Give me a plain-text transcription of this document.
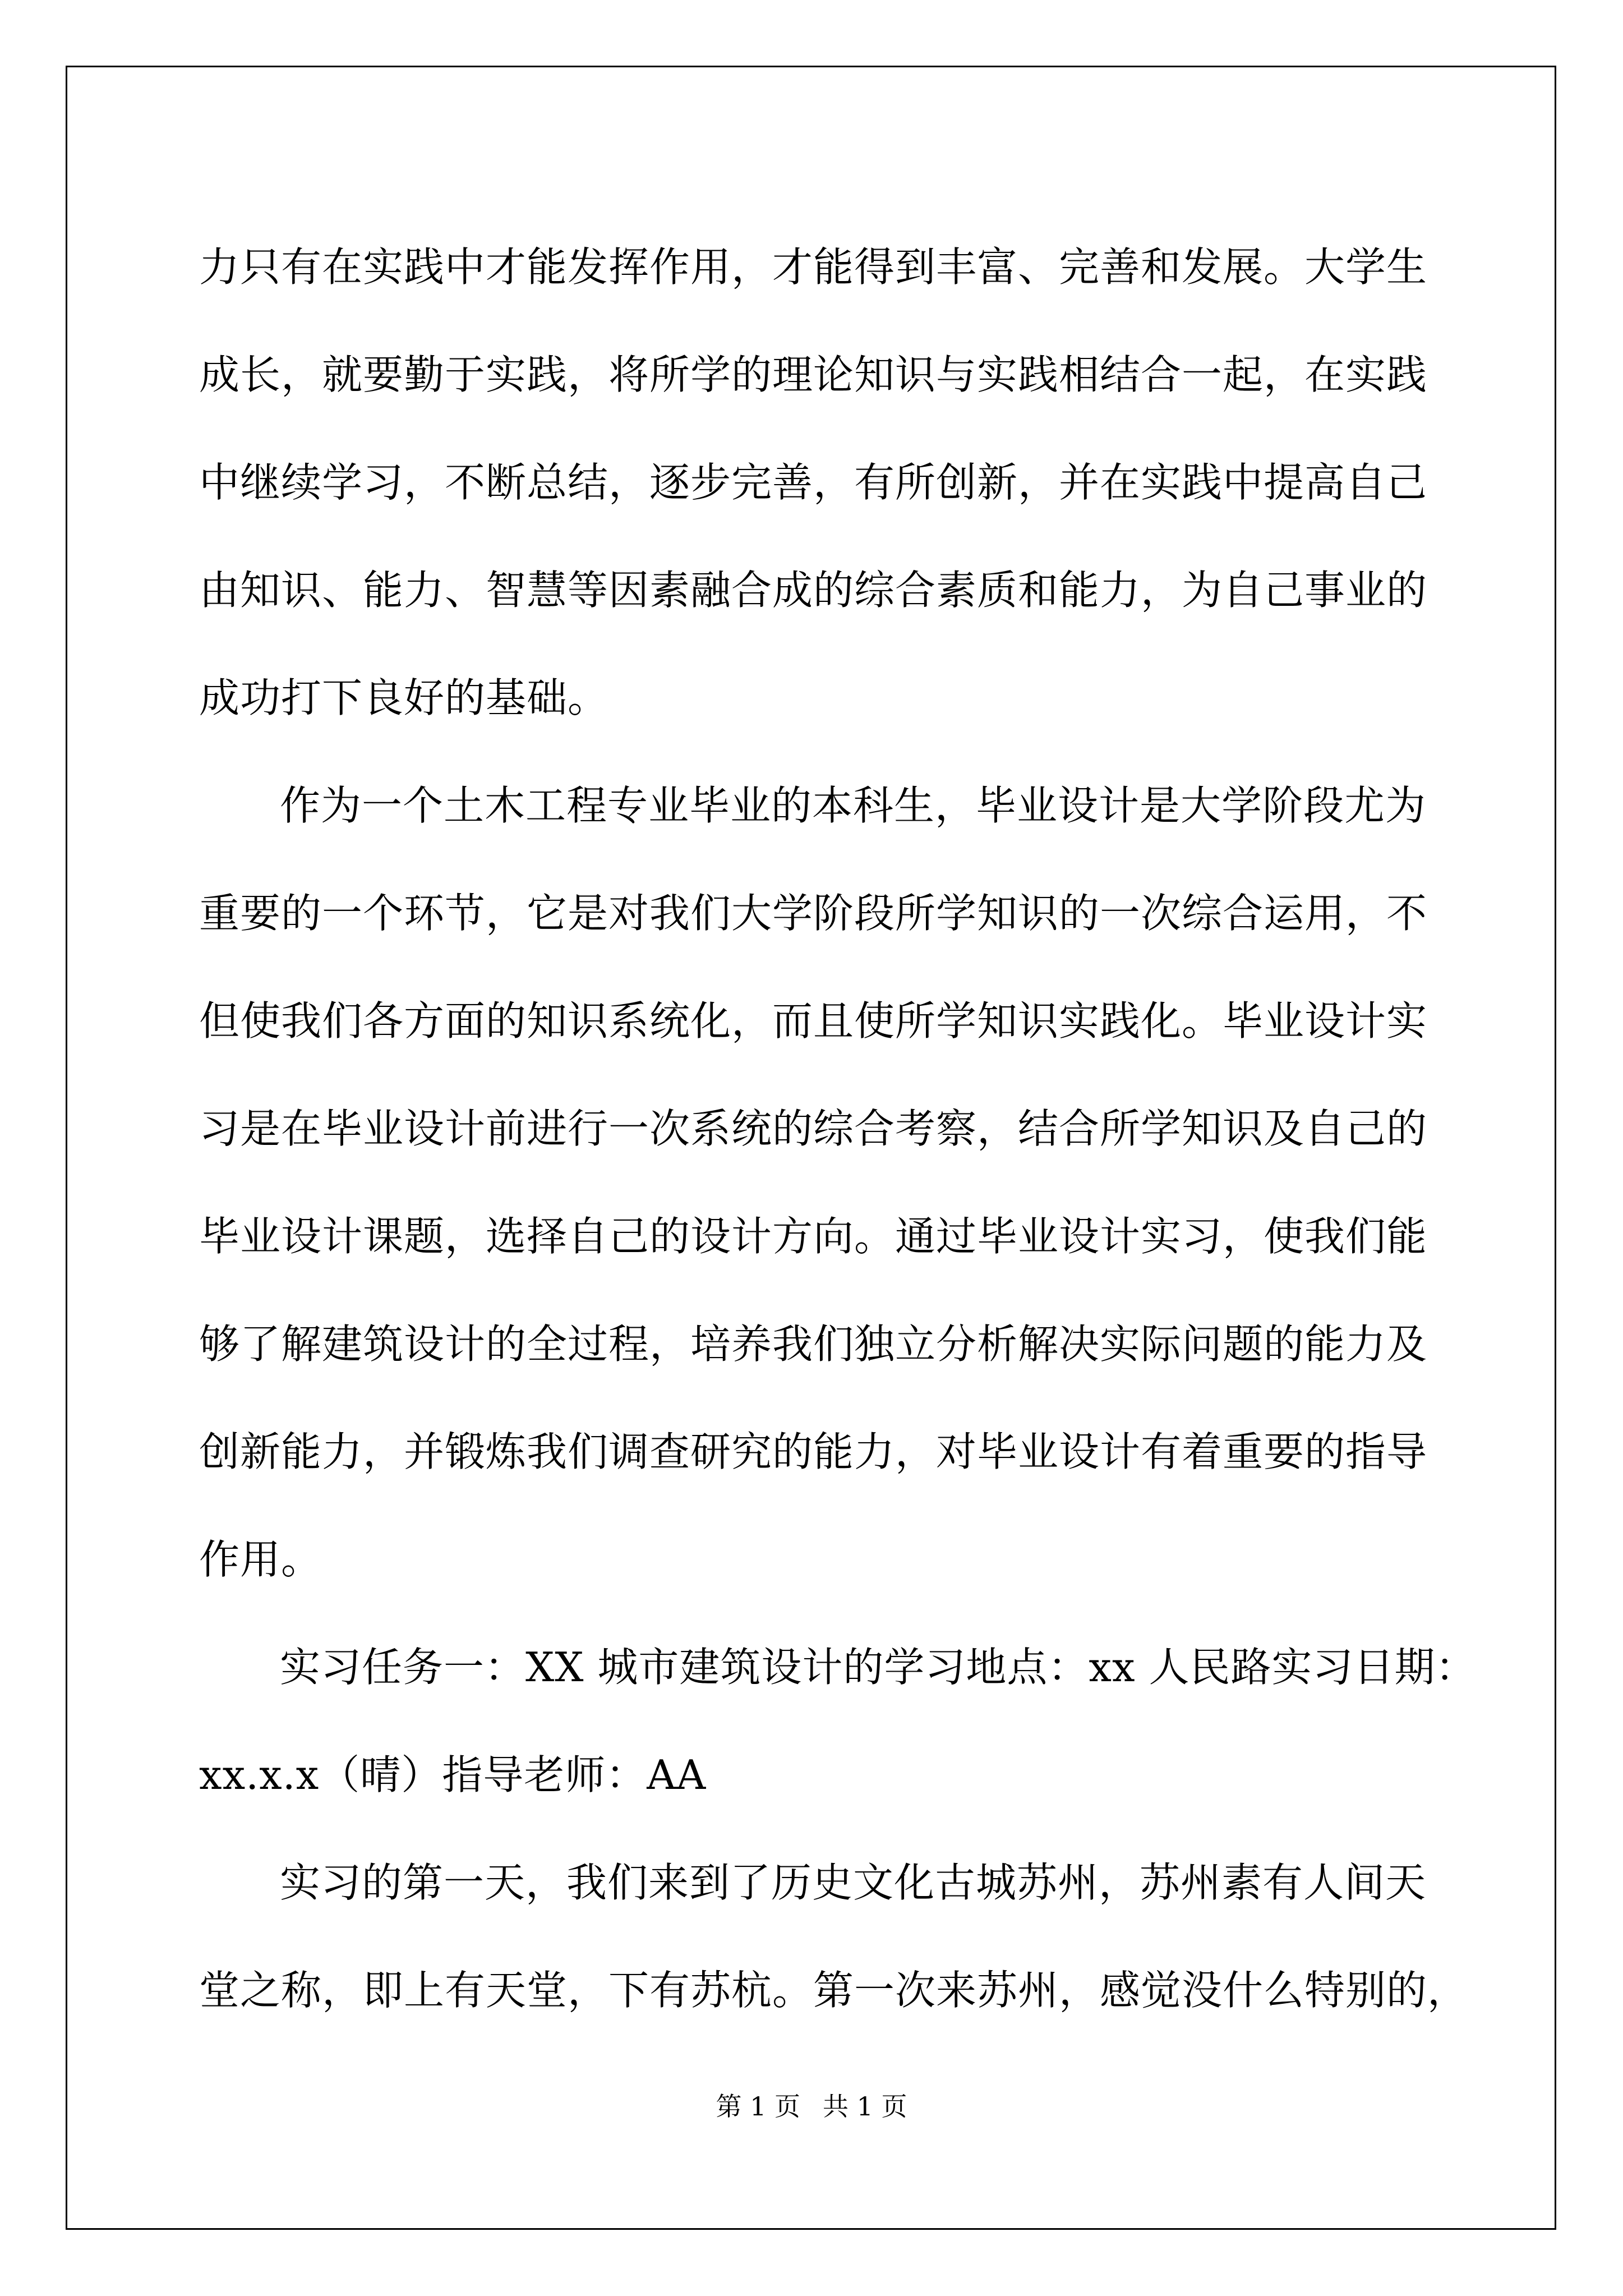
力只有在实践中才能发挥作用，才能得到丰富、完善和发展。大学生
成长，就要勤于实践，将所学的理论知识与实践相结合一起，在实践
中继续学习，不断总结，逐步完善，有所创新，并在实践中提高自己
由知识、能力、智慧等因素融合成的综合素质和能力，为自己事业的
成功打下良好的基础。
作为一个土木工程专业毕业的本科生，毕业设计是大学阶段尤为
重要的一个环节，它是对我们大学阶段所学知识的一次综合运用，不
但使我们各方面的知识系统化，而且使所学知识实践化。毕业设计实
习是在毕业设计前进行一次系统的综合考察，结合所学知识及自己的
毕业设计课题，选择自己的设计方向。通过毕业设计实习，使我们能
够了解建筑设计的全过程，培养我们独立分析解决实际问题的能力及
创新能力，并锻炼我们调查研究的能力，对毕业设计有着重要的指导
作用。
实习任务一：XX 城市建筑设计的学习地点：xx 人民路实习日期：
xx.x.x（晴）指导老师：AA
实习的第一天，我们来到了历史文化古城苏州，苏州素有人间天
堂之称，即上有天堂，下有苏杭。第一次来苏州，感觉没什么特别的，
第 1 页 共 1 页
